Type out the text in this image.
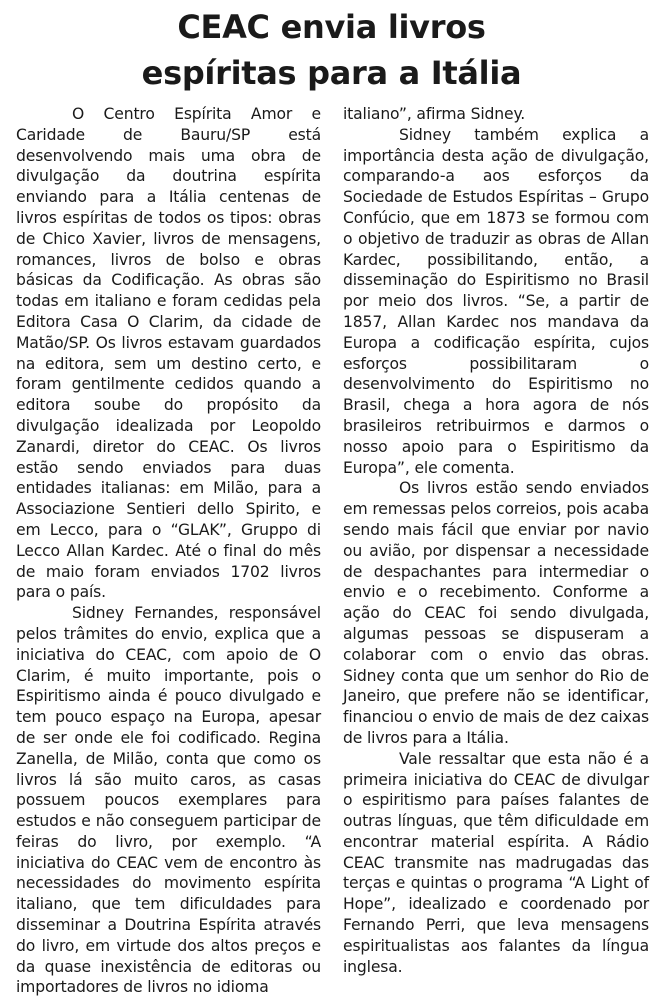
CEAC envia livros
espíritas para a Itália

O Centro Espírita Amor e Caridade de Bauru/SP está desenvolvendo mais uma obra de divulgação da doutrina espírita enviando para a Itália centenas de livros espíritas de todos os tipos: obras de Chico Xavier, livros de mensagens, romances, livros de bolso e obras básicas da Codificação. As obras são todas em italiano e foram cedidas pela Editora Casa O Clarim, da cidade de Matão/SP. Os livros estavam guardados na editora, sem um destino certo, e foram gentilmente cedidos quando a editora soube do propósito da divulgação idealizada por Leopoldo Zanardi, diretor do CEAC. Os livros estão sendo enviados para duas entidades italianas: em Milão, para a Associazione Sentieri dello Spirito, e em Lecco, para o “GLAK”, Gruppo di Lecco Allan Kardec. Até o final do mês de maio foram enviados 1702 livros para o país.

Sidney Fernandes, responsável pelos trâmites do envio, explica que a iniciativa do CEAC, com apoio de O Clarim, é muito importante, pois o Espiritismo ainda é pouco divulgado e tem pouco espaço na Europa, apesar de ser onde ele foi codificado. Regina Zanella, de Milão, conta que como os livros lá são muito caros, as casas possuem poucos exemplares para estudos e não conseguem participar de feiras do livro, por exemplo. “A iniciativa do CEAC vem de encontro às necessidades do movimento espírita italiano, que tem dificuldades para disseminar a Doutrina Espírita através do livro, em virtude dos altos preços e da quase inexistência de editoras ou importadores de livros no idioma

italiano”, afirma Sidney.

Sidney também explica a importância desta ação de divulgação, comparando-a aos esforços da Sociedade de Estudos Espíritas – Grupo Confúcio, que em 1873 se formou com o objetivo de traduzir as obras de Allan Kardec, possibilitando, então, a disseminação do Espiritismo no Brasil por meio dos livros. “Se, a partir de 1857, Allan Kardec nos mandava da Europa a codificação espírita, cujos esforços possibilitaram o desenvolvimento do Espiritismo no Brasil, chega a hora agora de nós brasileiros retribuirmos e darmos o nosso apoio para o Espiritismo da Europa”, ele comenta.

Os livros estão sendo enviados em remessas pelos correios, pois acaba sendo mais fácil que enviar por navio ou avião, por dispensar a necessidade de despachantes para intermediar o envio e o recebimento. Conforme a ação do CEAC foi sendo divulgada, algumas pessoas se dispuseram a colaborar com o envio das obras. Sidney conta que um senhor do Rio de Janeiro, que prefere não se identificar, financiou o envio de mais de dez caixas de livros para a Itália.

Vale ressaltar que esta não é a primeira iniciativa do CEAC de divulgar o espiritismo para países falantes de outras línguas, que têm dificuldade em encontrar material espírita. A Rádio CEAC transmite nas madrugadas das terças e quintas o programa “A Light of Hope”, idealizado e coordenado por Fernando Perri, que leva mensagens espiritualistas aos falantes da língua inglesa.
